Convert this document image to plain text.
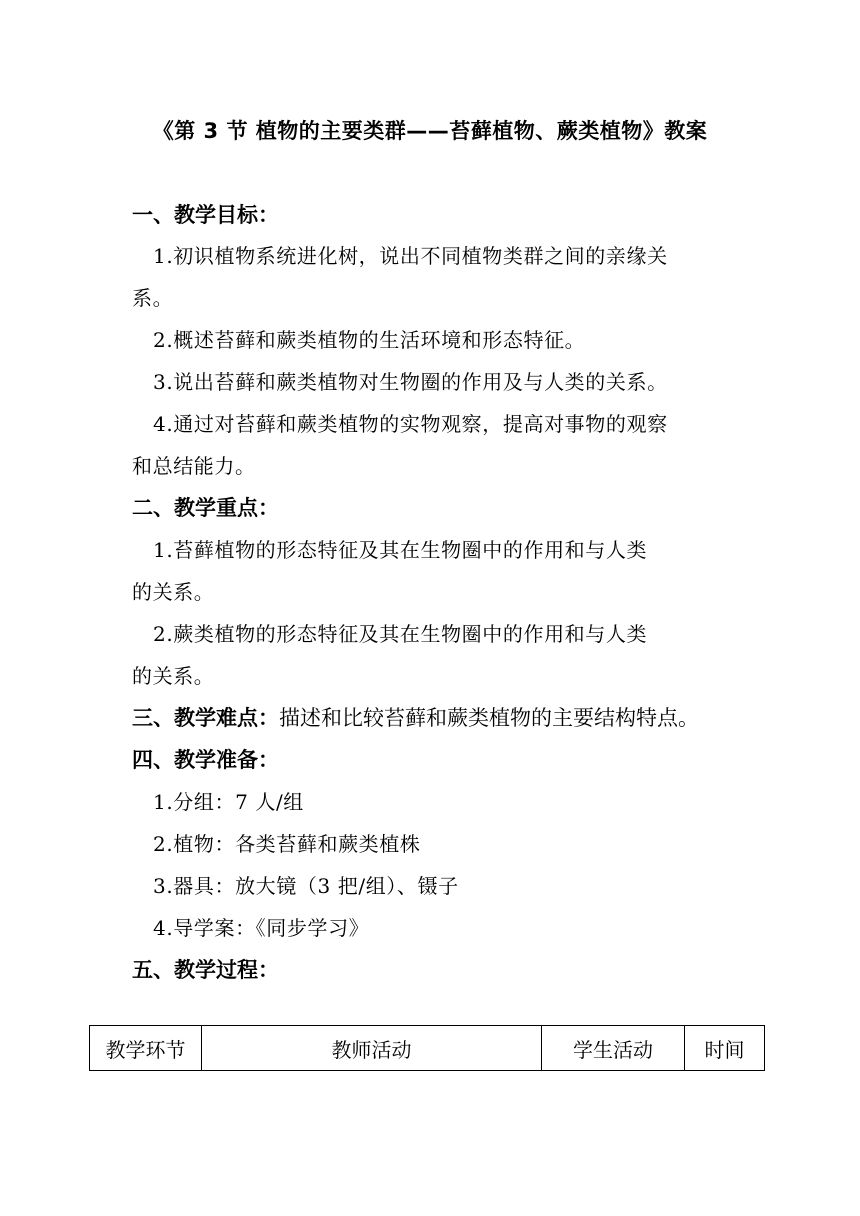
《第 3 节 植物的主要类群——苔藓植物、蕨类植物》教案
一、教学目标：
1.初识植物系统进化树，说出不同植物类群之间的亲缘关
系。
2.概述苔藓和蕨类植物的生活环境和形态特征。
3.说出苔藓和蕨类植物对生物圈的作用及与人类的关系。
4.通过对苔藓和蕨类植物的实物观察，提高对事物的观察
和总结能力。
二、教学重点：
1.苔藓植物的形态特征及其在生物圈中的作用和与人类
的关系。
2.蕨类植物的形态特征及其在生物圈中的作用和与人类
的关系。
三、教学难点：描述和比较苔藓和蕨类植物的主要结构特点。
四、教学准备：
1.分组：7 人/组
2.植物：各类苔藓和蕨类植株
3.器具：放大镜（3 把/组）、镊子
4.导学案：《同步学习》
五、教学过程：
教学环节	教师活动	学生活动	时间
